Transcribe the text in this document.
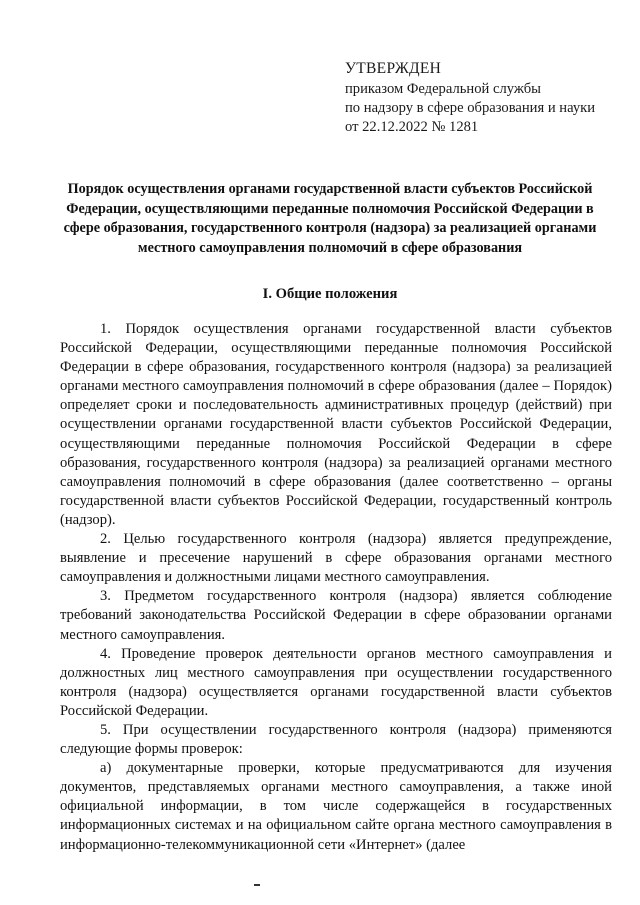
УТВЕРЖДЕН
приказом Федеральной службы
по надзору в сфере образования и науки
от 22.12.2022 № 1281
Порядок осуществления органами государственной власти субъектов Российской Федерации, осуществляющими переданные полномочия Российской Федерации в сфере образования, государственного контроля (надзора) за реализацией органами местного самоуправления полномочий в сфере образования
I. Общие положения

1. Порядок осуществления органами государственной власти субъектов Российской Федерации, осуществляющими переданные полномочия Российской Федерации в сфере образования, государственного контроля (надзора) за реализацией органами местного самоуправления полномочий в сфере образования (далее – Порядок) определяет сроки и последовательность административных процедур (действий) при осуществлении органами государственной власти субъектов Российской Федерации, осуществляющими переданные полномочия Российской Федерации в сфере образования, государственного контроля (надзора) за реализацией органами местного самоуправления полномочий в сфере образования (далее соответственно – органы государственной власти субъектов Российской Федерации, государственный контроль (надзор).

2. Целью государственного контроля (надзора) является предупреждение, выявление и пресечение нарушений в сфере образования органами местного самоуправления и должностными лицами местного самоуправления.

3. Предметом государственного контроля (надзора) является соблюдение требований законодательства Российской Федерации в сфере образовании органами местного самоуправления.

4. Проведение проверок деятельности органов местного самоуправления и должностных лиц местного самоуправления при осуществлении государственного контроля (надзора) осуществляется органами государственной власти субъектов Российской Федерации.

5. При осуществлении государственного контроля (надзора) применяются следующие формы проверок:

а) документарные проверки, которые предусматриваются для изучения документов, представляемых органами местного самоуправления, а также иной официальной информации, в том числе содержащейся в государственных информационных системах и на официальном сайте органа местного самоуправления в информационно-телекоммуникационной сети «Интернет» (далее
